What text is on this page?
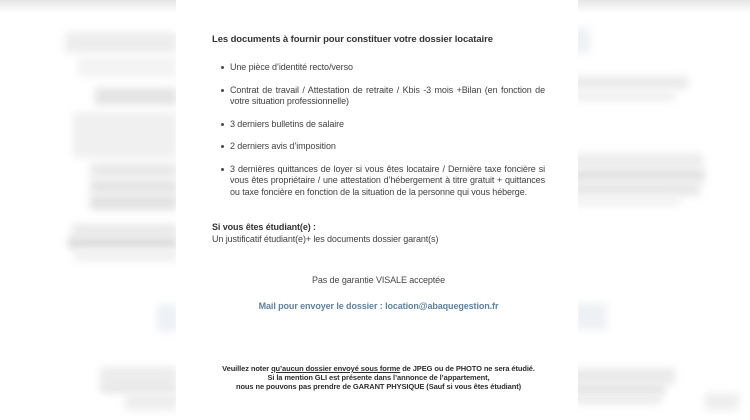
Les documents à fournir pour constituer votre dossier locataire
Une pièce d’identité recto/verso
Contrat de travail / Attestation de retraite / Kbis -3 mois +Bilan (en fonction de votre situation professionnelle)
3 derniers bulletins de salaire
2 derniers avis d’imposition
3 dernières quittances de loyer si vous êtes locataire / Dernière taxe foncière si vous êtes propriétaire / une attestation d’hébergement à titre gratuit + quittances ou taxe foncière en fonction de la situation de la personne qui vous héberge.
Si vous êtes étudiant(e) :
Un justificatif étudiant(e)+ les documents dossier garant(s)
Pas de garantie VISALE acceptée
Mail pour envoyer le dossier : location@abaquegestion.fr
Veuillez noter qu’aucun dossier envoyé sous forme de JPEG ou de PHOTO ne sera étudié.
Si la mention GLI est présente dans l’annonce de l’appartement,
nous ne pouvons pas prendre de GARANT PHYSIQUE (Sauf si vous êtes étudiant)
